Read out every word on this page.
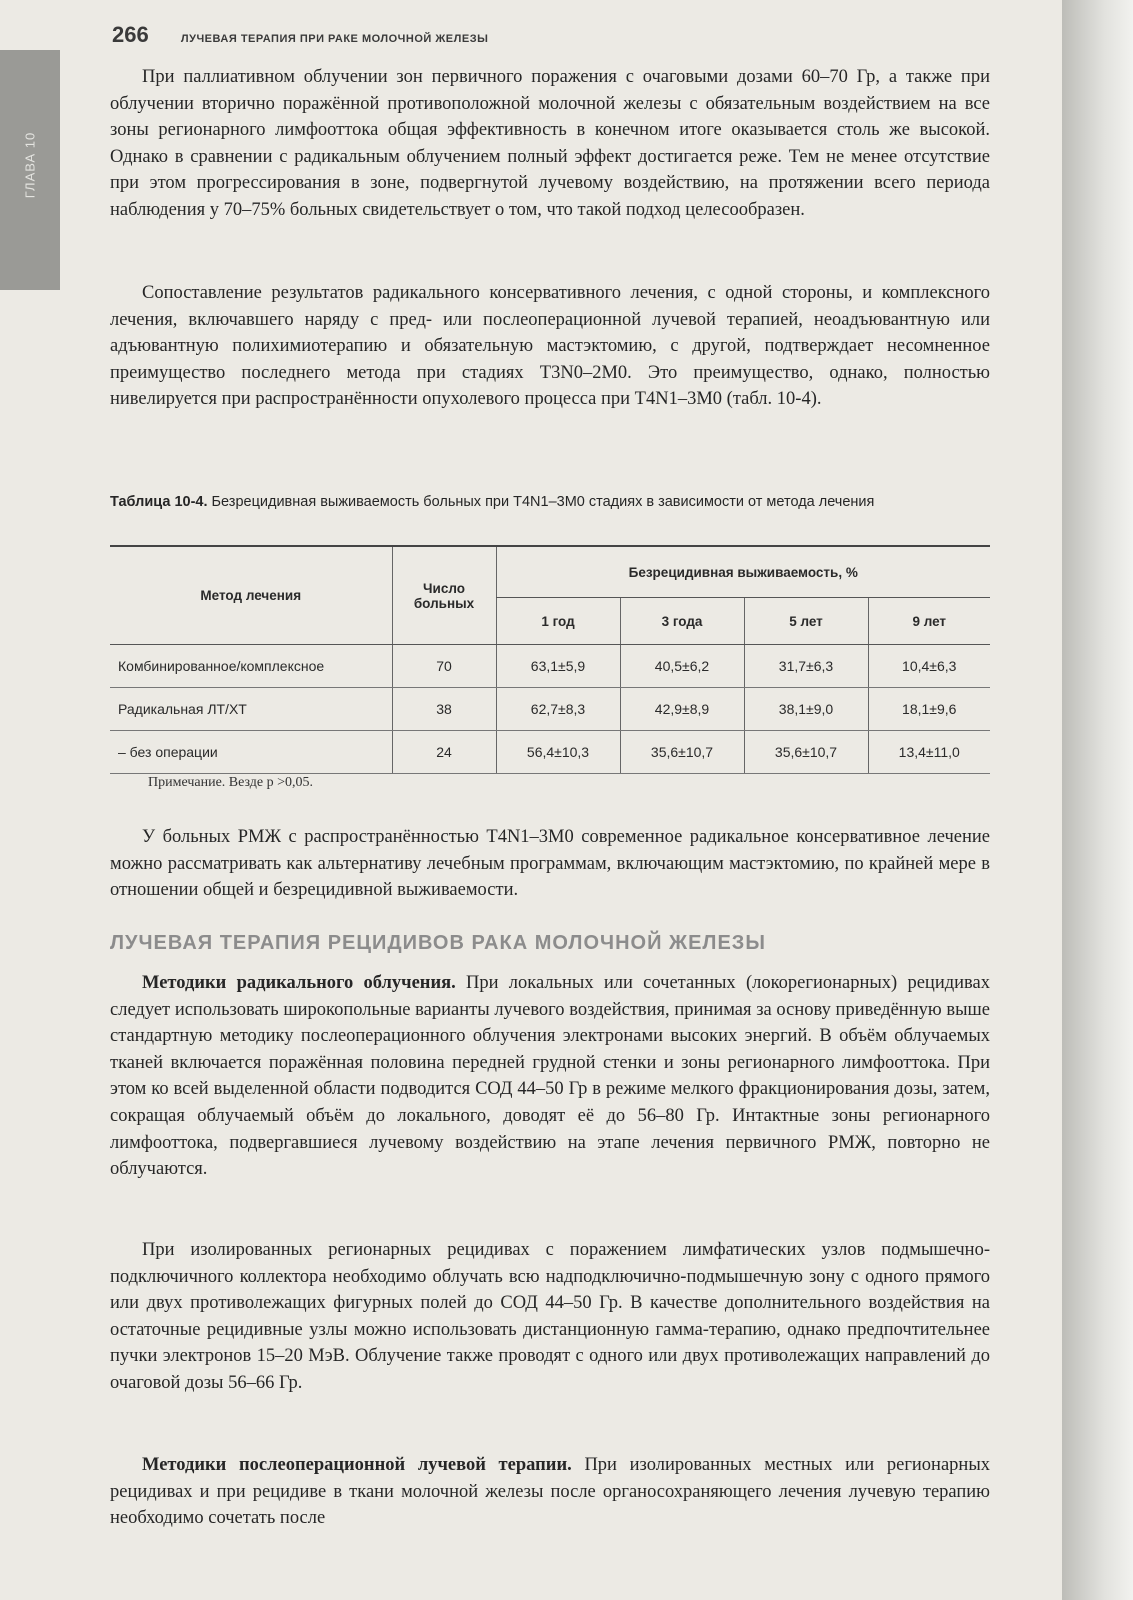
ГЛАВА 10
266	ЛУЧЕВАЯ ТЕРАПИЯ ПРИ РАКЕ МОЛОЧНОЙ ЖЕЛЕЗЫ

При паллиативном облучении зон первичного поражения с очаговыми дозами 60–70 Гр, а также при облучении вторично поражённой противоположной молочной железы с обязательным воздействием на все зоны регионарного лимфооттока общая эффективность в конечном итоге оказывается столь же высокой. Однако в сравнении с радикальным облучением полный эффект достигается реже. Тем не менее отсутствие при этом прогрессирования в зоне, подвергнутой лучевому воздействию, на протяжении всего периода наблюдения у 70–75% больных свидетельствует о том, что такой подход целесообразен.

Сопоставление результатов радикального консервативного лечения, с одной стороны, и комплексного лечения, включавшего наряду с пред- или послеоперационной лучевой терапией, неоадъювантную или адъювантную полихимиотерапию и обязательную мастэктомию, с другой, подтверждает несомненное преимущество последнего метода при стадиях Т3N0–2M0. Это преимущество, однако, полностью нивелируется при распространённости опухолевого процесса при Т4N1–3M0 (табл. 10-4).

Таблица 10-4. Безрецидивная выживаемость больных при Т4N1–3M0 стадиях в зависимости от метода лечения

Метод лечения	Число больных	Безрецидивная выживаемость, %			
		1 год	3 года	5 лет	9 лет
Комбинированное/комплексное	70	63,1±5,9	40,5±6,2	31,7±6,3	10,4±6,3
Радикальная ЛТ/ХТ	38	62,7±8,3	42,9±8,9	38,1±9,0	18,1±9,6
– без операции	24	56,4±10,3	35,6±10,7	35,6±10,7	13,4±11,0

Примечание. Везде p >0,05.

У больных РМЖ с распространённостью Т4N1–3M0 современное радикальное консервативное лечение можно рассматривать как альтернативу лечебным программам, включающим мастэктомию, по крайней мере в отношении общей и безрецидивной выживаемости.

ЛУЧЕВАЯ ТЕРАПИЯ РЕЦИДИВОВ РАКА МОЛОЧНОЙ ЖЕЛЕЗЫ

Методики радикального облучения. При локальных или сочетанных (локорегионарных) рецидивах следует использовать широкопольные варианты лучевого воздействия, принимая за основу приведённую выше стандартную методику послеоперационного облучения электронами высоких энергий. В объём облучаемых тканей включается поражённая половина передней грудной стенки и зоны регионарного лимфооттока. При этом ко всей выделенной области подводится СОД 44–50 Гр в режиме мелкого фракционирования дозы, затем, сокращая облучаемый объём до локального, доводят её до 56–80 Гр. Интактные зоны регионарного лимфооттока, подвергавшиеся лучевому воздействию на этапе лечения первичного РМЖ, повторно не облучаются.

При изолированных регионарных рецидивах с поражением лимфатических узлов подмышечно-подключичного коллектора необходимо облучать всю надподключично-подмышечную зону с одного прямого или двух противолежащих фигурных полей до СОД 44–50 Гр. В качестве дополнительного воздействия на остаточные рецидивные узлы можно использовать дистанционную гамма-терапию, однако предпочтительнее пучки электронов 15–20 МэВ. Облучение также проводят с одного или двух противолежащих направлений до очаговой дозы 56–66 Гр.

Методики послеоперационной лучевой терапии. При изолированных местных или регионарных рецидивах и при рецидиве в ткани молочной железы после органосохраняющего лечения лучевую терапию необходимо сочетать после
